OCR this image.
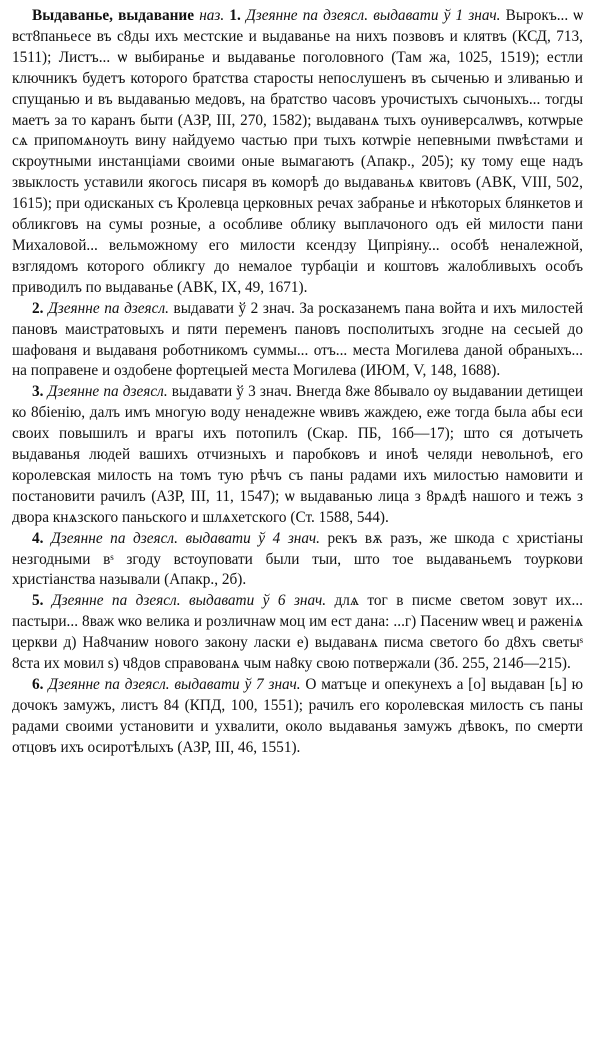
Выдаванье, выдавание наз. 1. Дзеянне па дзеясл. выдавати ў 1 знач. Вырокъ... ѡ вст8паньесе въ с8ды ихъ местские и выдаванье на нихъ позвовъ и клятвъ (КСД, 713, 1511); Листъ... ѡ выбиранье и выдаванье поголовного (Там жа, 1025, 1519); естли ключникъ будетъ которого братства старосты непослушенъ въ сыченью и зливанью и спущанью и въ выдаванью медовъ, на братство часовъ урочистыхъ сычоныхъ... тогды маетъ за то каранъ быти (АЗР, III, 270, 1582); выдаванѧ тыхъ оуниверсалѡвъ, котѡрые сѧ припомѧноуть вину найдуемо частью при тыхъ котѡріе непевными пѡвѣстами и скроутными инстанціами своими оные вымагаютъ (Апакр., 205); ку тому еще надъ звыклость уставили якогось писаря въ коморѣ до выдаваньѧ квитовъ (АВК, VIII, 502, 1615); при одисканых съ Кролевца церковных речах забранье и нѣкоторых блянкетов и обликговъ на сумы розные, а особливе облику выплачоного одъ ей милости пани Михаловой... вельможному его милости ксендзу Ципріяну... особѣ неналежной, взглядомъ которого обликгу до немалое турбаціи и коштовъ жалобливыхъ особъ приводилъ по выдаванье (АВК, IX, 49, 1671).

2. Дзеянне па дзеясл. выдавати ў 2 знач. За росказанемъ пана войта и ихъ милостей пановъ маистратовыхъ и пяти переменъ пановъ посполитыхъ згодне на сесыей до шафованя и выдаваня роботникомъ суммы... отъ... места Могилева даной обраныхъ... на поправене и оздобене фортецыей места Могилева (ИЮМ, V, 148, 1688).

3. Дзеянне па дзеясл. выдавати ў 3 знач. Внегда 8же 8бывало оу выдавании детищеи ко 8біенію, далъ имъ многую воду ненадежне ѡвивъ жаждею, еже тогда была абы еси своих повышилъ и врагы ихъ потопилъ (Скар. ПБ, 16б—17); што ся дотычеть выдаванья людей вашихъ отчизныхъ и паробковъ и иноѣ челяди невольноѣ, его королевская милость на томъ тую рѣчъ съ паны радами ихъ милостью намовити и постановити рачилъ (АЗР, III, 11, 1547); ѡ выдаванью лица з 8рѧдѣ нашого и тежъ з двора кнѧзского паньского и шлѧхетского (Ст. 1588, 544).

4. Дзеянне па дзеясл. выдавати ў 4 знач. рекъ вѫ разъ, же шкода с христіаны незгодными вˢ згоду встоуповати были тыи, што тое выдаваньемъ тоуркови христіанства называли (Апакр., 2б).

5. Дзеянне па дзеясл. выдавати ў 6 знач. длѧ тог в писме светом зовут их... пастыри... 8важ ѡко велика и розличнаѡ моц им ест дана: ...г) Пасениѡ ѡвец и раженіѧ церкви д) На8чаниѡ нового закону ласки е) выдаванѧ писма светого бо д8хъ светыˢ 8ста их мовил s) ч8дов справованѧ чым на8ку свою потвержали (Зб. 255, 214б—215).

6. Дзеянне па дзеясл. выдавати ў 7 знач. О матъце и опекунехъ а [о] выдаван [ь] ю дочокъ замужъ, листъ 84 (КПД, 100, 1551); рачилъ его королевская милость съ паны радами своими установити и ухвалити, около выдаванья замужъ дѣвокъ, по смерти отцовъ ихъ осиротѣлыхъ (АЗР, III, 46, 1551).
